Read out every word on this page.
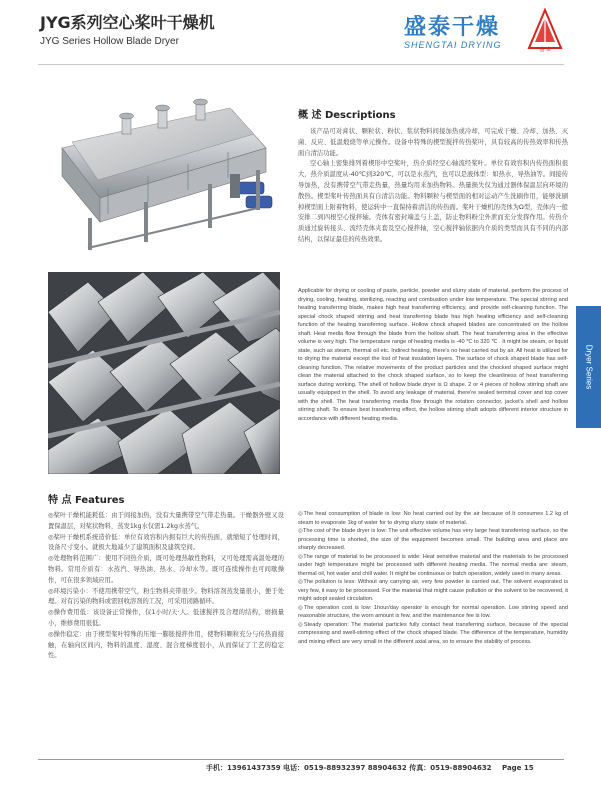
JYG系列空心桨叶干燥机
JYG Series Hollow Blade Dryer
盛泰干燥
SHENGTAI DRYING	盛 泰
概 述 Descriptions

该产品可对膏状、颗粒状、粉状、浆状物料间接加热或冷却，可完成干燥、冷却、加热、灭菌、反应、低温煅烧等单元操作。设备中特殊的楔型搅拌传热桨叶，具有较高的传热效率和传热面自清洁功能。

空心轴上密集排列着楔形中空桨叶，热介质经空心轴流经桨叶。单位有效容积内传热面积很大，热介质温度从-40℃到320℃，可以是水蒸汽，也可以是液体型：如热水、导热油等。间接传导加热，没有携带空气带走热量，热量均用来加热物料。热量损失仅为通过器体保温层向环境的散热。楔型桨叶传热面具有自清洁功能。物料颗粒与楔型面的相对运动产生洗刷作用，能够洗刷掉楔型面上附着物料，使运转中一直保持着清洁的传热面。桨叶干燥机的壳体为Ω型，壳体内一般安排二到四根空心搅拌轴。壳体有密封端盖与上盖，防止物料粉尘外泄而充分发挥作用。传热介质通过旋转接头、流经壳体夹套及空心搅拌轴，空心搅拌轴依据内介质的类型而具有不同的内部结构，以保证最佳的传热效果。

Applicable for drying or cooling of paste, particle, powder and slurry state of material, perform the process of drying, cooling, heating, sterilizing, reacting and combustion under low temperature. The special stirring and heating transferring blade, makes high heat transferring efficiency, and provide self-cleaning function. The special chock shaped stirring and heat transferring blade has high heating efficiency and self-cleaning function of the heating transferring surface. Hollow chock shaped blades are concentrated on the hollow shaft. Heat media flow through the blade from the hollow shaft. The heat transferring area in the effective volume is very high. The temperature range of heating media is -40 ℃ to 320 ℃ . It might be steam, or liquid state, such as steam, thermal oil etc. Indirect heating, there's no heat carried out by air. All heat is utilized for to drying the material except the lost of heat insulation layers. The surface of chock shaped blade has self-cleaning function. The relative movements of the product particles and the chocked shaped surface might clean the material attached to the chock shaped surface, so to keep the cleanliness of heat transferring surface during working. The shell of hollow blade dryer is Ω shape. 2 or 4 pieces of hollow stirring shaft are usually equipped in the shell. To avoid any leakage of material, there're sealed terminal cover and top cover with the shell. The heat transferring media flow through the rotation connector, jacket's shell and hollow stirring shaft. To ensure best transferring effect, the hollow stirring shaft adopts different interior structure in accordance with different heating media.
Dryer Series
特 点 Features

◎桨叶干燥机能耗低：由于间接加热，没有大量携带空气带走热量。干燥器外壁又设置保温层，对桨状物料，蒸发1kg水仅需1.2kg水蒸气。

◎桨叶干燥机系统造价低：单位有效容积内拥有巨大的传热面，就缩短了处理时间，设备尺寸变小。就极大地减少了建筑面积及建筑空间。

◎处理物料范围广：使用不同热介质，既可处理热敏性物料，又可处理需高温处理的物料。常用介质有：水蒸汽、导热油、热水、冷却水等。既可连续操作也可间歇操作，可在很多领域应用。

◎环境污染小：不使用携带空气，粉尘物料夹带很少。物料溶剂蒸发量很小，便于处理。对有污染的物料或需回收溶剂的工况，可采用闭路循环。

◎操作费用低：该设备正常操作，仅1小时/天·人。低速搅拌及合理的结构，磨损量小，维修费用很低。

◎操作稳定：由于楔型桨叶特殊的压缩一膨胀搅拌作用，使物料颗粒充分与传热面接触，在轴向区间内，物料的温度、湿度、混合度梯度很小，从而保证了工艺的稳定性。

◎The heat consumption of blade is low: No heat carried out by the air because of It consumes 1.2 kg of steam to evaporate 1kg of water for to drying slurry state of material.

◎The cost of the blade dryer is low: The unit effective volume has very large heat transferring surface, so the processing time is shorted, the size of the equipment becomes small. The building area and place are sharply decreased.

◎The range of material to be processed is wide: Heat sensitive material and the materials to be processed under high temperature might be processed with different heating media. The normal media are: steam, thermal oil, hot water and chill water. It might be continuous or batch operation, widely used in many areas.

◎The pollution is less: Without any carrying air, very few powder is carried out. The solvent evaporated is very few, it easy to be processed. For the material that might cause pollution or the solvent to be recovered, it might adopt sealed circulation.

◎The operation cost is low: 1hour/day operator is enough for normal operation. Low stirring speed and reasonable structure, the worn amount is few, and the maintenance fee is low.

◎Steady operation: The material particles fully contact heat transferring surface, because of the special compressing and swell-stirring effect of the chock shaped blade. The difference of the temperature, humidity and mixing effect are very small in the different axial area, so to ensure the stability of process.

手机：13961437359 电话：0519-88932397 88904632 传真：0519-88904632 Page 15
